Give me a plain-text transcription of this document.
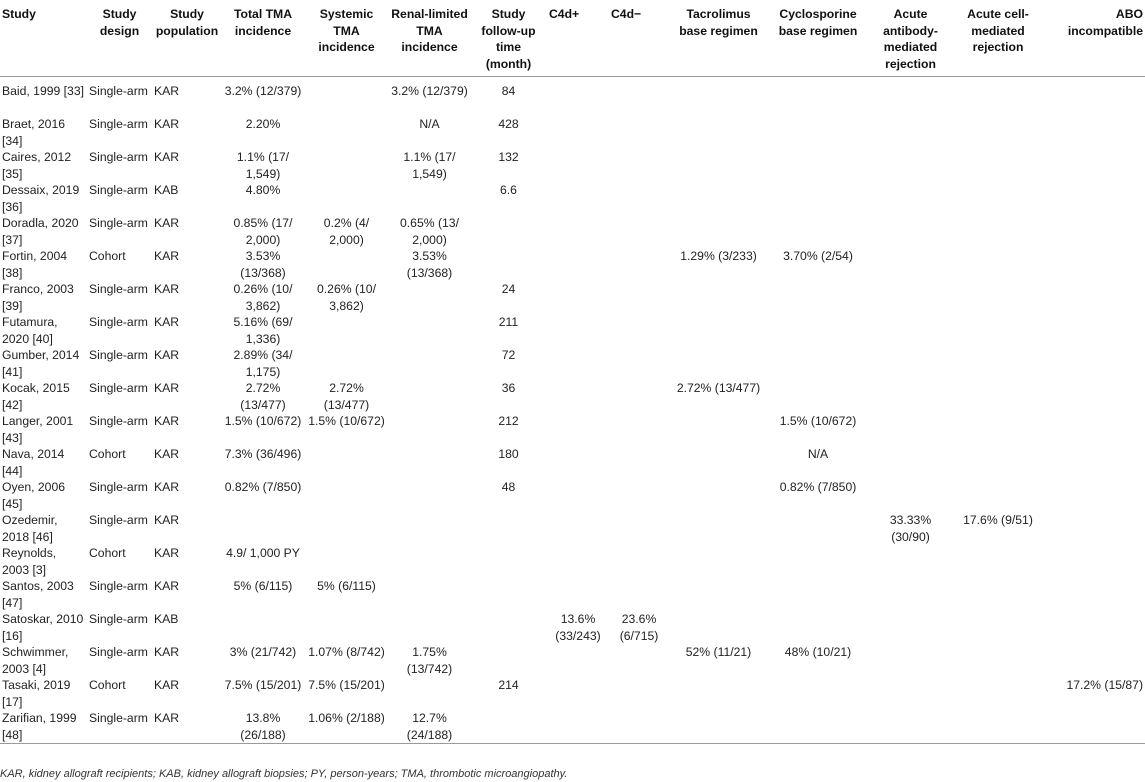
Study	Study design	Study population	Total TMA incidence	Systemic TMA incidence	Renal-limited TMA incidence	Study follow-up time (month)	C4d+	C4d−	Tacrolimus base regimen	Cyclosporine base regimen	Acute antibody-mediated rejection	Acute cell-mediated rejection	ABO incompatible
Baid, 1999 [33]	Single-arm	KAR	3.2% (12/379)		3.2% (12/379)	84							
Braet, 2016 [34]	Single-arm	KAR	2.20%		N/A	428							
Caires, 2012 [35]	Single-arm	KAR	1.1% (17/ 1,549)		1.1% (17/ 1,549)	132							
Dessaix, 2019 [36]	Single-arm	KAB	4.80%			6.6							
Doradla, 2020 [37]	Single-arm	KAR	0.85% (17/ 2,000)	0.2% (4/ 2,000)	0.65% (13/ 2,000)								
Fortin, 2004 [38]	Cohort	KAR	3.53% (13/368)		3.53% (13/368)				1.29% (3/233)	3.70% (2/54)			
Franco, 2003 [39]	Single-arm	KAR	0.26% (10/ 3,862)	0.26% (10/ 3,862)		24							
Futamura, 2020 [40]	Single-arm	KAR	5.16% (69/ 1,336)			211							
Gumber, 2014 [41]	Single-arm	KAR	2.89% (34/ 1,175)			72							
Kocak, 2015 [42]	Single-arm	KAR	2.72% (13/477)	2.72% (13/477)		36			2.72% (13/477)				
Langer, 2001 [43]	Single-arm	KAR	1.5% (10/672)	1.5% (10/672)		212				1.5% (10/672)			
Nava, 2014 [44]	Cohort	KAR	7.3% (36/496)			180				N/A			
Oyen, 2006 [45]	Single-arm	KAR	0.82% (7/850)			48				0.82% (7/850)			
Ozedemir, 2018 [46]	Single-arm	KAR									33.33% (30/90)	17.6% (9/51)	
Reynolds, 2003 [3]	Cohort	KAR	4.9/ 1,000 PY										
Santos, 2003 [47]	Single-arm	KAR	5% (6/115)	5% (6/115)									
Satoskar, 2010 [16]	Single-arm	KAB					13.6% (33/243)	23.6% (6/715)					
Schwimmer, 2003 [4]	Single-arm	KAR	3% (21/742)	1.07% (8/742)	1.75% (13/742)				52% (11/21)	48% (10/21)			
Tasaki, 2019 [17]	Cohort	KAR	7.5% (15/201)	7.5% (15/201)		214							17.2% (15/87)
Zarifian, 1999 [48]	Single-arm	KAR	13.8% (26/188)	1.06% (2/188)	12.7% (24/188)								
KAR, kidney allograft recipients; KAB, kidney allograft biopsies; PY, person-years; TMA, thrombotic microangiopathy.
